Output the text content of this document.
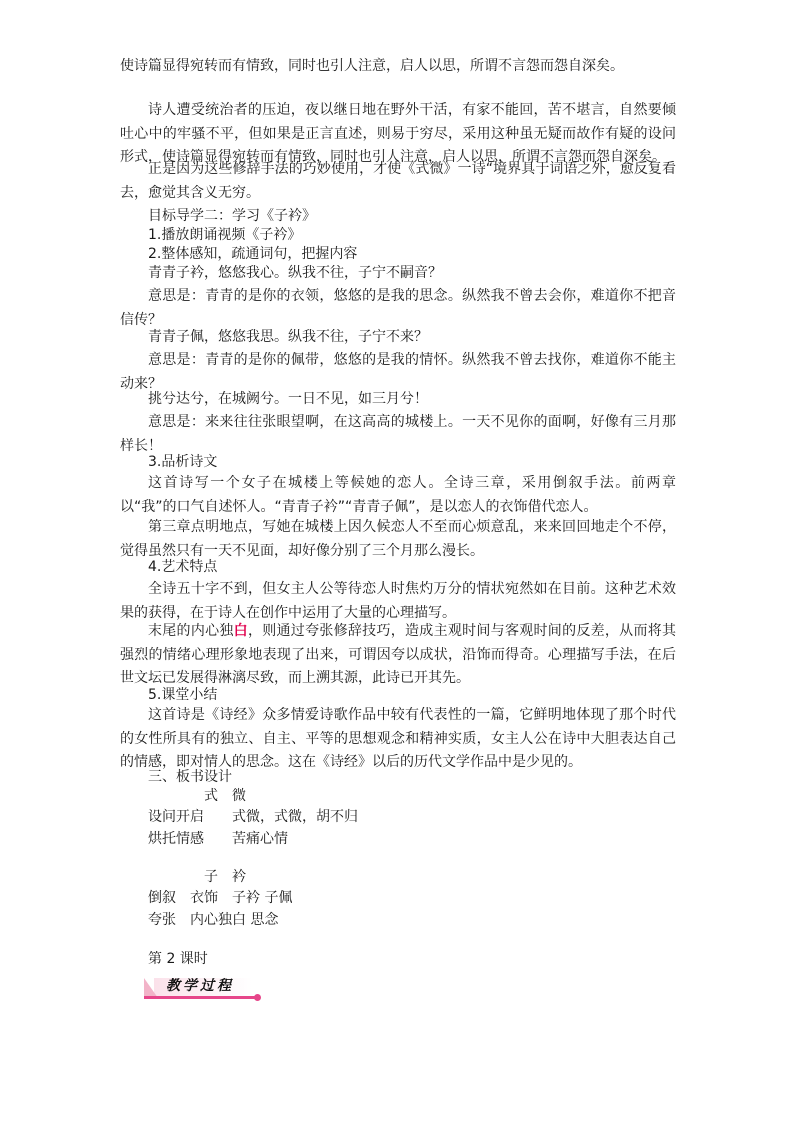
使诗篇显得宛转而有情致，同时也引人注意，启人以思，所谓不言怨而怨自深矣。

诗人遭受统治者的压迫，夜以继日地在野外干活，有家不能回，苦不堪言，自然要倾吐心中的牢骚不平，但如果是正言直述，则易于穷尽，采用这种虽无疑而故作有疑的设问形式，使诗篇显得宛转而有情致，同时也引人注意，启人以思，所谓不言怨而怨自深矣。

正是因为这些修辞手法的巧妙使用，才使《式微》一诗“境界具于词语之外，愈反复看去，愈觉其含义无穷。

目标导学二：学习《子衿》

1.播放朗诵视频《子衿》

2.整体感知，疏通词句，把握内容

青青子衿，悠悠我心。纵我不往，子宁不嗣音？

意思是：青青的是你的衣领，悠悠的是我的思念。纵然我不曾去会你，难道你不把音信传？

青青子佩，悠悠我思。纵我不往，子宁不来？

意思是：青青的是你的佩带，悠悠的是我的情怀。纵然我不曾去找你，难道你不能主动来？

挑兮达兮，在城阙兮。一日不见，如三月兮！

意思是：来来往往张眼望啊，在这高高的城楼上。一天不见你的面啊，好像有三月那样长！

3.品析诗文

这首诗写一个女子在城楼上等候她的恋人。全诗三章，采用倒叙手法。前两章以“我”的口气自述怀人。“青青子衿”“青青子佩”，是以恋人的衣饰借代恋人。

第三章点明地点，写她在城楼上因久候恋人不至而心烦意乱，来来回回地走个不停，觉得虽然只有一天不见面，却好像分别了三个月那么漫长。

4.艺术特点

全诗五十字不到，但女主人公等待恋人时焦灼万分的情状宛然如在目前。这种艺术效果的获得，在于诗人在创作中运用了大量的心理描写。

末尾的内心独白，则通过夸张修辞技巧，造成主观时间与客观时间的反差，从而将其强烈的情绪心理形象地表现了出来，可谓因夸以成状，沿饰而得奇。心理描写手法，在后世文坛已发展得淋漓尽致，而上溯其源，此诗已开其先。

5.课堂小结

这首诗是《诗经》众多情爱诗歌作品中较有代表性的一篇，它鲜明地体现了那个时代的女性所具有的独立、自主、平等的思想观念和精神实质，女主人公在诗中大胆表达自己的情感，即对情人的思念。这在《诗经》以后的历代文学作品中是少见的。

三、板书设计

式　微
设问开启　　式微，式微，胡不归
烘托情感　　苦痛心情
子　衿
倒叙　衣饰　子衿 子佩
夸张　内心独白 思念
第 2 课时
教学过程
